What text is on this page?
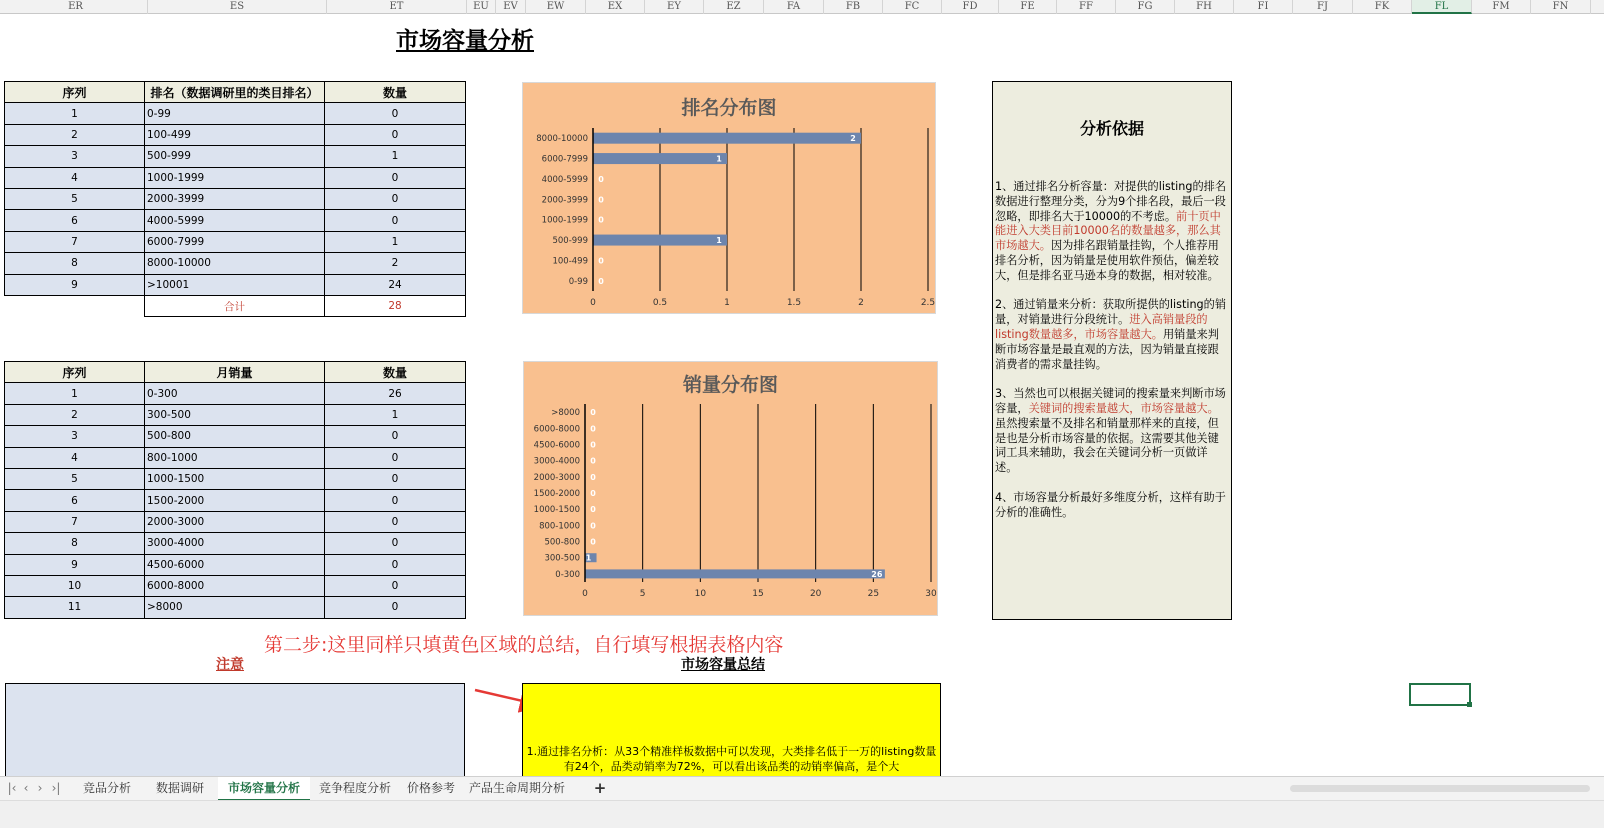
ER	ES	ET	EU	EV	EW	EX	EY	EZ	FA	FB	FC	FD	FE	FF	FG	FH	FI	FJ	FK	FL	FM	FN
市场容量分析
序列	排名（数据调研里的类目排名）	数量
1	0-99	0
2	100-499	0
3	500-999	1
4	1000-1999	0
5	2000-3999	0
6	4000-5999	0
7	6000-7999	1
8	8000-10000	2
9	>10001	24
	合计	28
序列	月销量	数量
1	0-300	26
2	300-500	1
3	500-800	0
4	800-1000	0
5	1000-1500	0
6	1500-2000	0
7	2000-3000	0
8	3000-4000	0
9	4500-6000	0
10	6000-8000	0
11	>8000	0
排名分布图
0	0.5	1	1.5	2	2.5
0-99 0
100-499 0
500-999	1
1000-1999 0
2000-3999 0
4000-5999 0
6000-7999	1
8000-10000	2
销量分布图
0	5	10	15	20	25	30
0-300	26
300-500 1
500-800 0
800-1000 0
1000-1500 0
1500-2000 0
2000-3000 0
3000-4000 0
4500-6000 0
6000-8000 0
>8000 0
分析依据

1、通过排名分析容量：对提供的listing的排名数据进行整理分类，分为9个排名段，最后一段忽略，即排名大于10000的不考虑。前十页中能进入大类目前10000名的数量越多，那么其市场越大。因为排名跟销量挂钩，个人推荐用排名分析，因为销量是使用软件预估，偏差较大，但是排名亚马逊本身的数据，相对较准。

2、通过销量来分析：获取所提供的listing的销量，对销量进行分段统计。进入高销量段的listing数量越多，市场容量越大。用销量来判断市场容量是最直观的方法，因为销量直接跟消费者的需求量挂钩。

3、当然也可以根据关键词的搜索量来判断市场容量，关键词的搜索量越大，市场容量越大。虽然搜索量不及排名和销量那样来的直接，但是也是分析市场容量的依据。这需要其他关键词工具来辅助，我会在关键词分析一页做详述。

4、市场容量分析最好多维度分析，这样有助于分析的准确性。

第二步:这里同样只填黄色区域的总结，自行填写根据表格内容
注意	市场容量总结
1.通过排名分析：从33个精准样板数据中可以发现，大类排名低于一万的listing数量有24个，品类动销率为72%，可以看出该品类的动销率偏高，是个大
|‹ ‹ › ›|	竞品分析	数据调研	市场容量分析	竞争程度分析	价格参考	产品生命周期分析	+
